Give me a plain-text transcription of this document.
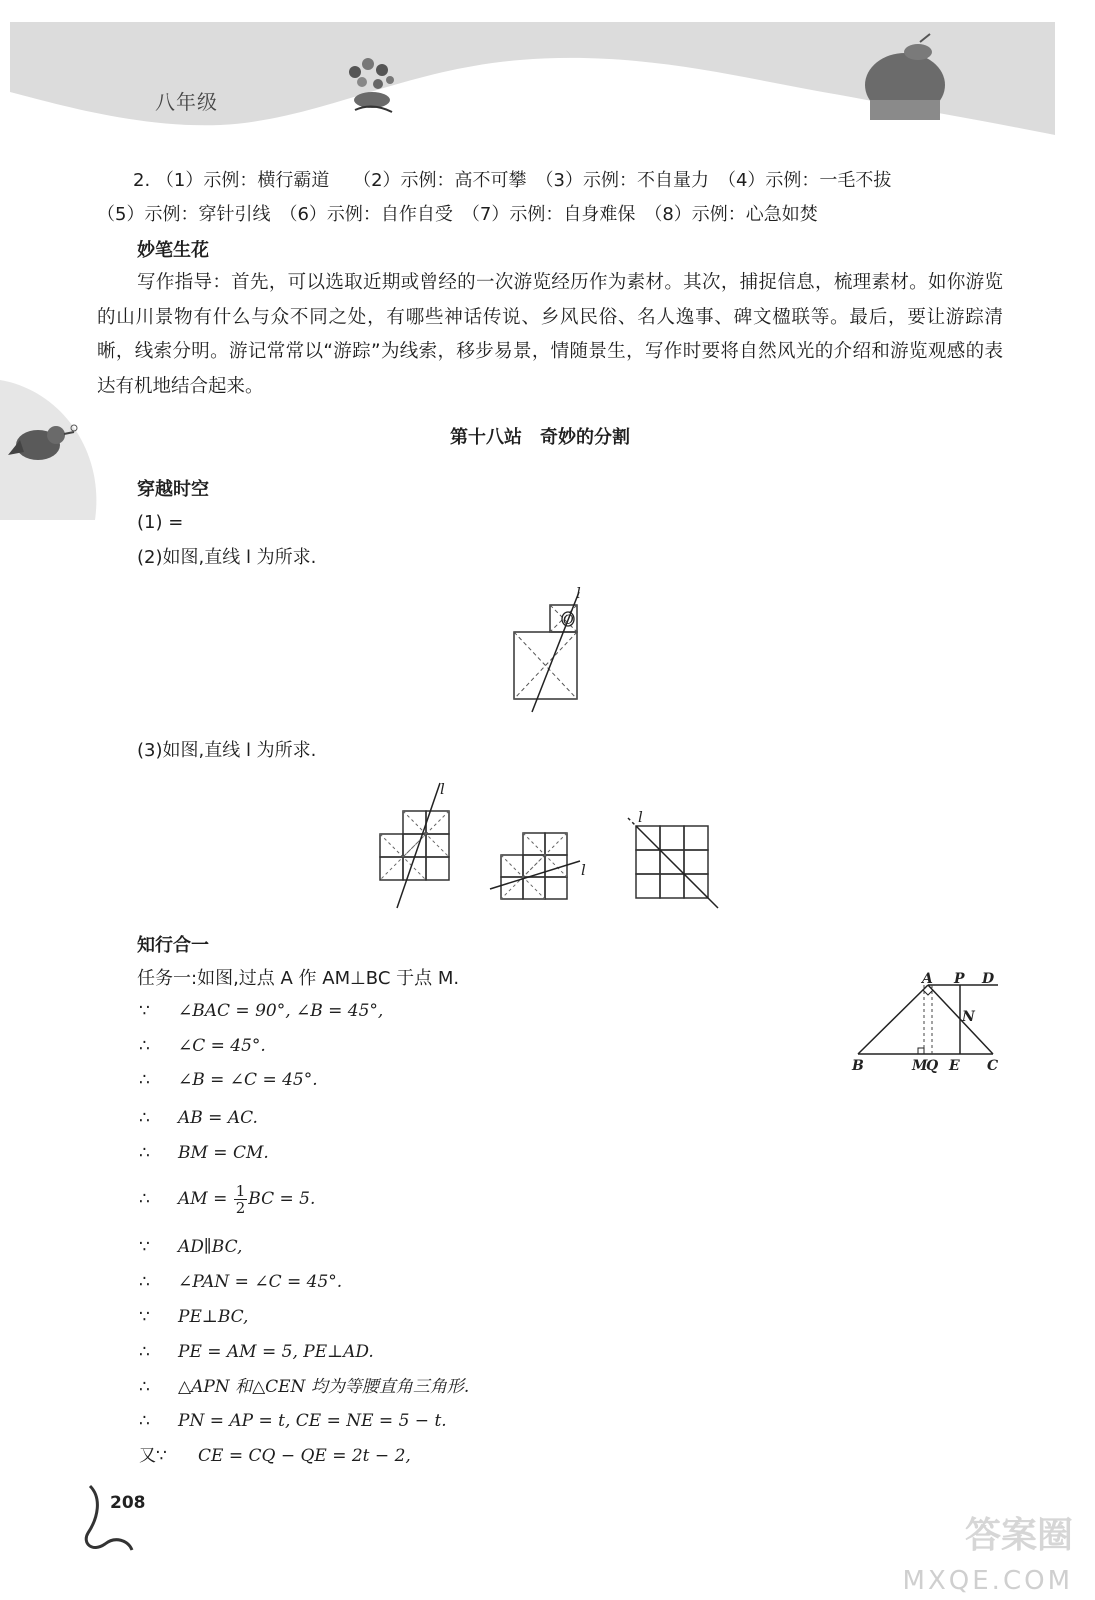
八年级
2. （1）示例：横行霸道　 （2）示例：高不可攀　（3）示例：不自量力　（4）示例：一毛不拔
（5）示例：穿针引线　（6）示例：自作自受　（7）示例：自身难保　（8）示例：心急如焚
妙笔生花
写作指导：首先，可以选取近期或曾经的一次游览经历作为素材。其次，捕捉信息，梳理素材。如你游览的山川景物有什么与众不同之处，有哪些神话传说、乡风民俗、名人逸事、碑文楹联等。最后，要让游踪清晰，线索分明。游记常常以“游踪”为线索，移步易景，情随景生，写作时要将自然风光的介绍和游览观感的表达有机地结合起来。
第十八站　奇妙的分割
穿越时空
(1) =
(2)如图,直线 l 为所求.
l
O
(3)如图,直线 l 为所求.
l
l
l
知行合一
任务一:如图,过点 A 作 AM⊥BC 于点 M.	A P D
N
B	M
Q E C
∵ ∠BAC = 90°, ∠B = 45°,
∴ ∠C = 45°.
∴ ∠B = ∠C = 45°.
∴ AB = AC.
∴ BM = CM.
∴ AM = $\frac{1}{2}$ BC = 5.
∵ AD∥BC,
∴ ∠PAN = ∠C = 45°.
∵ PE⊥BC,
∴ PE = AM = 5, PE⊥AD.
∴ △APN 和△CEN 均为等腰直角三角形.
∴ PN = AP = t, CE = NE = 5 − t.
又∵ CE = CQ − QE = 2t − 2,
208
答案圈
MXQE.COM
